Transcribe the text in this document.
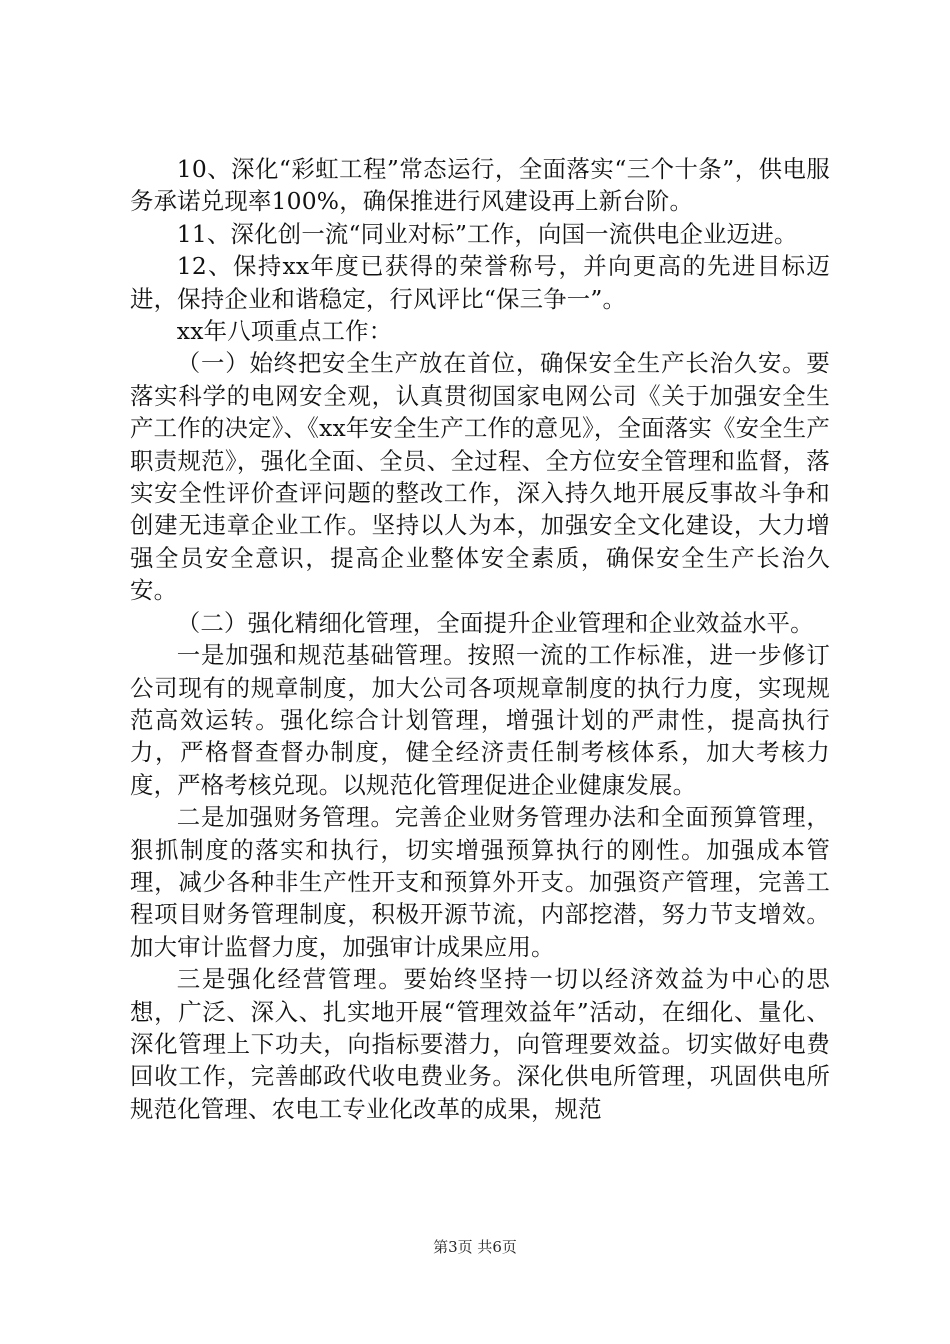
10、深化“彩虹工程”常态运行，全面落实“三个十条”，供电服务承诺兑现率100%，确保推进行风建设再上新台阶。

11、深化创一流“同业对标”工作，向国一流供电企业迈进。

12、保持xx年度已获得的荣誉称号，并向更高的先进目标迈进，保持企业和谐稳定，行风评比“保三争一”。

xx年八项重点工作：

（一）始终把安全生产放在首位，确保安全生产长治久安。要落实科学的电网安全观，认真贯彻国家电网公司《关于加强安全生产工作的决定》、《xx年安全生产工作的意见》，全面落实《安全生产职责规范》，强化全面、全员、全过程、全方位安全管理和监督，落实安全性评价查评问题的整改工作，深入持久地开展反事故斗争和创建无违章企业工作。坚持以人为本，加强安全文化建设，大力增强全员安全意识，提高企业整体安全素质，确保安全生产长治久安。

（二）强化精细化管理，全面提升企业管理和企业效益水平。

一是加强和规范基础管理。按照一流的工作标准，进一步修订公司现有的规章制度，加大公司各项规章制度的执行力度，实现规范高效运转。强化综合计划管理，增强计划的严肃性，提高执行力，严格督查督办制度，健全经济责任制考核体系，加大考核力度，严格考核兑现。以规范化管理促进企业健康发展。

二是加强财务管理。完善企业财务管理办法和全面预算管理，狠抓制度的落实和执行，切实增强预算执行的刚性。加强成本管理，减少各种非生产性开支和预算外开支。加强资产管理，完善工程项目财务管理制度，积极开源节流，内部挖潜，努力节支增效。加大审计监督力度，加强审计成果应用。

三是强化经营管理。要始终坚持一切以经济效益为中心的思想，广泛、深入、扎实地开展“管理效益年”活动，在细化、量化、深化管理上下功夫，向指标要潜力，向管理要效益。切实做好电费回收工作，完善邮政代收电费业务。深化供电所管理，巩固供电所规范化管理、农电工专业化改革的成果，规范

第3页 共6页
